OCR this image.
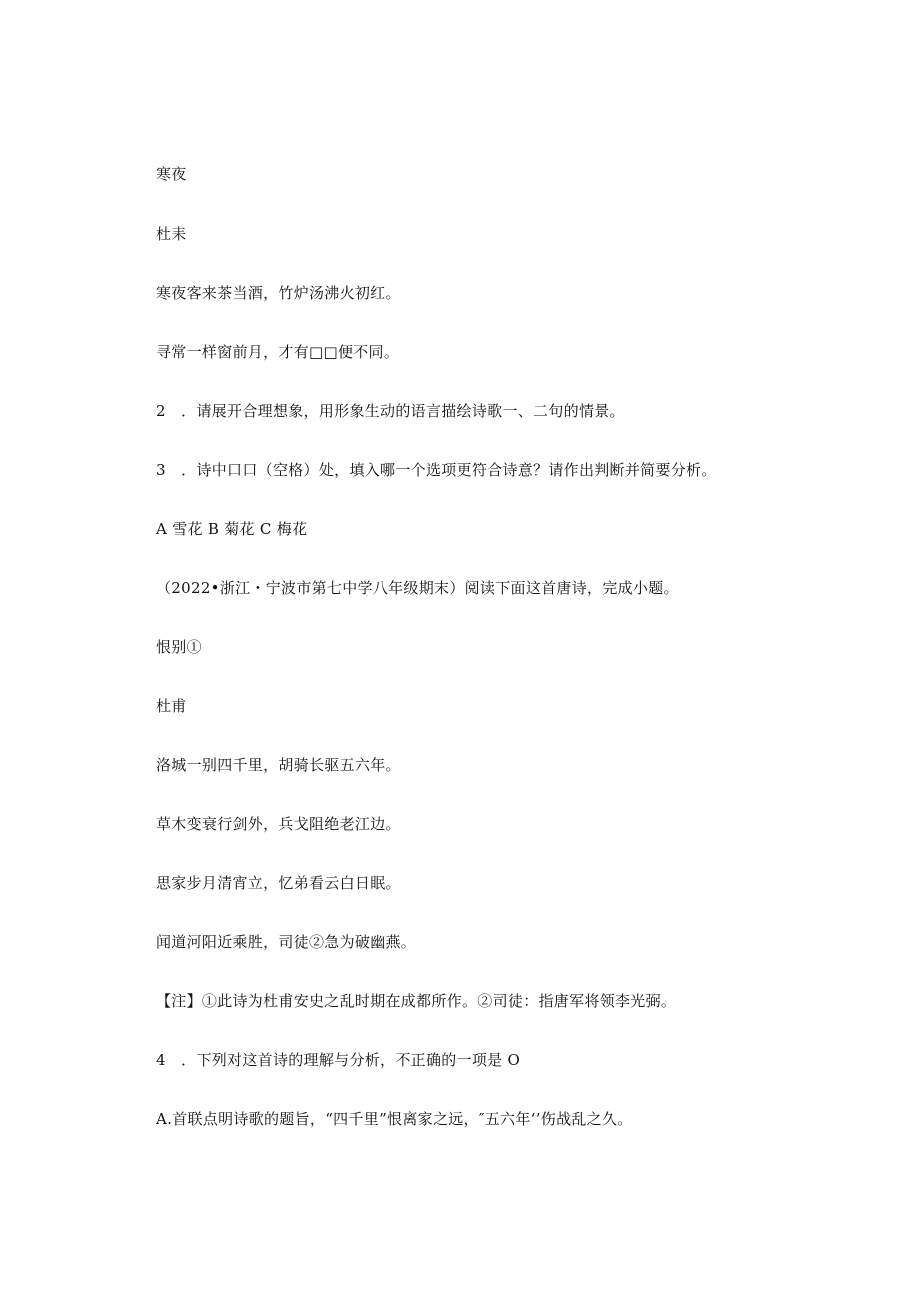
寒夜
杜耒
寒夜客来茶当酒，竹炉汤沸火初红。
寻常一样窗前月，才有□□便不同。
2　．请展开合理想象，用形象生动的语言描绘诗歌一、二句的情景。
3　．诗中口口（空格）处，填入哪一个选项更符合诗意？请作出判断并简要分析。
A 雪花 B 菊花 C 梅花
（2022•浙江・宁波市第七中学八年级期末）阅读下面这首唐诗，完成小题。
恨别①
杜甫
洛城一别四千里，胡骑长驱五六年。
草木变衰行剑外，兵戈阻绝老江边。
思家步月清宵立，忆弟看云白日眠。
闻道河阳近乘胜，司徒②急为破幽燕。
【注】①此诗为杜甫安史之乱时期在成都所作。②司徒：指唐军将领李光弼。
4　．下列对这首诗的理解与分析，不正确的一项是 O
A.首联点明诗歌的题旨，“四千里”恨离家之远，″五六年‘’伤战乱之久。
